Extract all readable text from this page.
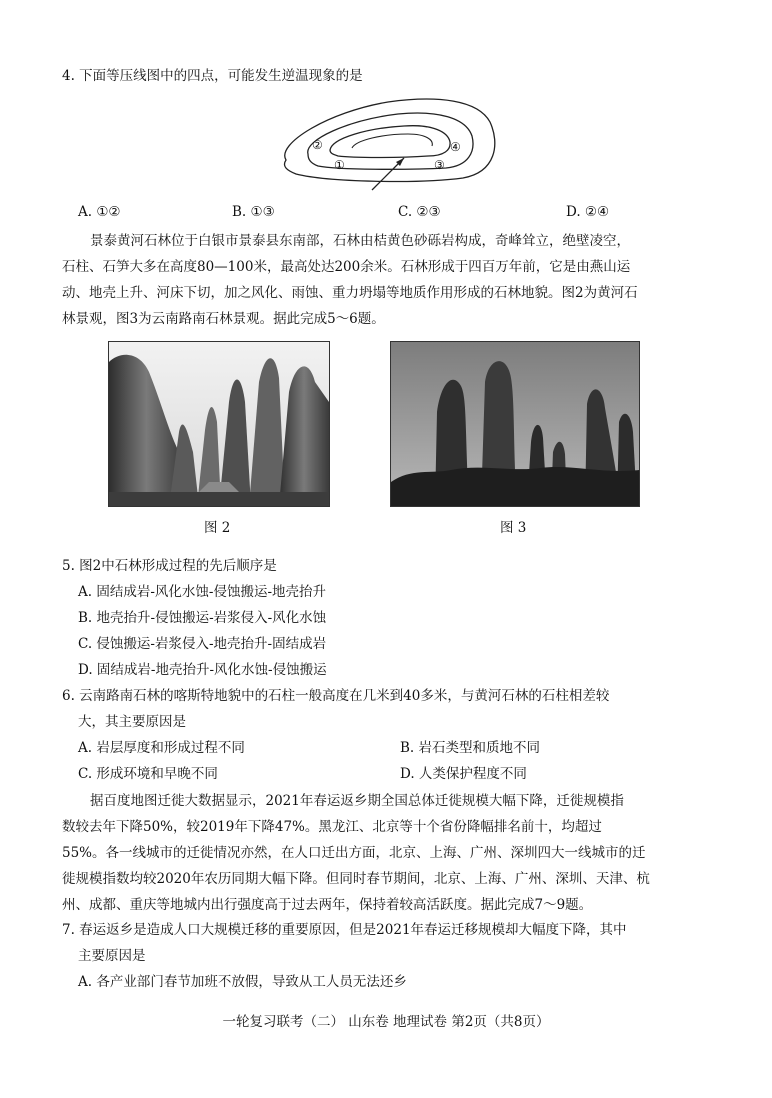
4. 下面等压线图中的四点，可能发生逆温现象的是

①
②
③
④
A. ①②	B. ①③	C. ②③	D. ②④
景泰黄河石林位于白银市景泰县东南部，石林由桔黄色砂砾岩构成，奇峰耸立，绝壁凌空，
石柱、石笋大多在高度80—100米，最高处达200余米。石林形成于四百万年前，它是由燕山运
动、地壳上升、河床下切，加之风化、雨蚀、重力坍塌等地质作用形成的石林地貌。图2为黄河石
林景观，图3为云南路南石林景观。据此完成5～6题。
图 2	图 3

5. 图2中石林形成过程的先后顺序是

A. 固结成岩-风化水蚀-侵蚀搬运-地壳抬升

B. 地壳抬升-侵蚀搬运-岩浆侵入-风化水蚀

C. 侵蚀搬运-岩浆侵入-地壳抬升-固结成岩

D. 固结成岩-地壳抬升-风化水蚀-侵蚀搬运

6. 云南路南石林的喀斯特地貌中的石柱一般高度在几米到40多米，与黄河石林的石柱相差较

大，其主要原因是

A. 岩层厚度和形成过程不同	B. 岩石类型和质地不同

C. 形成环境和早晚不同	D. 人类保护程度不同

据百度地图迁徙大数据显示，2021年春运返乡期全国总体迁徙规模大幅下降，迁徙规模指
数较去年下降50%，较2019年下降47%。黑龙江、北京等十个省份降幅排名前十，均超过
55%。各一线城市的迁徙情况亦然，在人口迁出方面，北京、上海、广州、深圳四大一线城市的迁
徙规模指数均较2020年农历同期大幅下降。但同时春节期间，北京、上海、广州、深圳、天津、杭
州、成都、重庆等地城内出行强度高于过去两年，保持着较高活跃度。据此完成7～9题。

7. 春运返乡是造成人口大规模迁移的重要原因，但是2021年春运迁移规模却大幅度下降，其中

主要原因是

A. 各产业部门春节加班不放假，导致从工人员无法还乡

一轮复习联考（二） 山东卷 地理试卷 第2页（共8页）
